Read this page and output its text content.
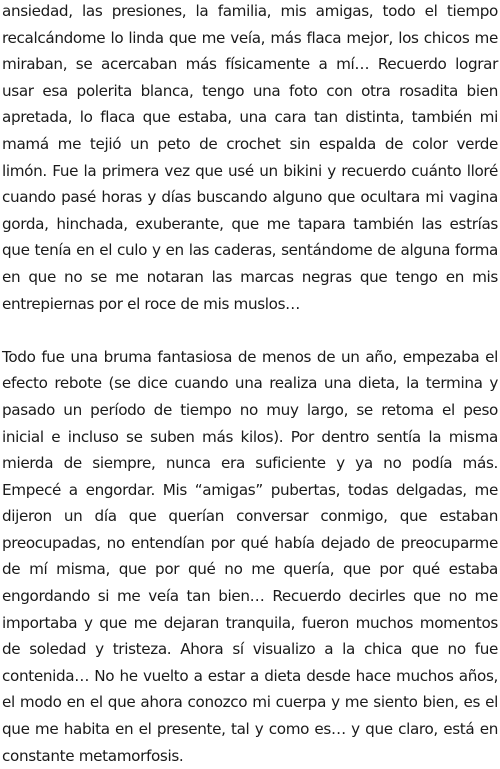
ansiedad, las presiones, la familia, mis amigas, todo el tiempo recalcándome lo linda que me veía, más flaca mejor, los chicos me miraban, se acercaban más físicamente a mí… Recuerdo lograr usar esa polerita blanca, tengo una foto con otra rosadita bien apretada, lo flaca que estaba, una cara tan distinta, también mi mamá me tejió un peto de crochet sin espalda de color verde limón. Fue la primera vez que usé un bikini y recuerdo cuánto lloré cuando pasé horas y días buscando alguno que ocultara mi vagina gorda, hinchada, exuberante, que me tapara también las estrías que tenía en el culo y en las caderas, sentándome de alguna forma en que no se me notaran las marcas negras que tengo en mis entrepiernas por el roce de mis muslos…

Todo fue una bruma fantasiosa de menos de un año, empezaba el efecto rebote (se dice cuando una realiza una dieta, la termina y pasado un período de tiempo no muy largo, se retoma el peso inicial e incluso se suben más kilos). Por dentro sentía la misma mierda de siempre, nunca era suficiente y ya no podía más. Empecé a engordar. Mis “amigas” pubertas, todas delgadas, me dijeron un día que querían conversar conmigo, que estaban preocupadas, no entendían por qué había dejado de preocuparme de mí misma, que por qué no me quería, que por qué estaba engordando si me veía tan bien… Recuerdo decirles que no me importaba y que me dejaran tranquila, fueron muchos momentos de soledad y tristeza. Ahora sí visualizo a la chica que no fue contenida… No he vuelto a estar a dieta desde hace muchos años, el modo en el que ahora conozco mi cuerpa y me siento bien, es el que me habita en el presente, tal y como es… y que claro, está en constante metamorfosis.
